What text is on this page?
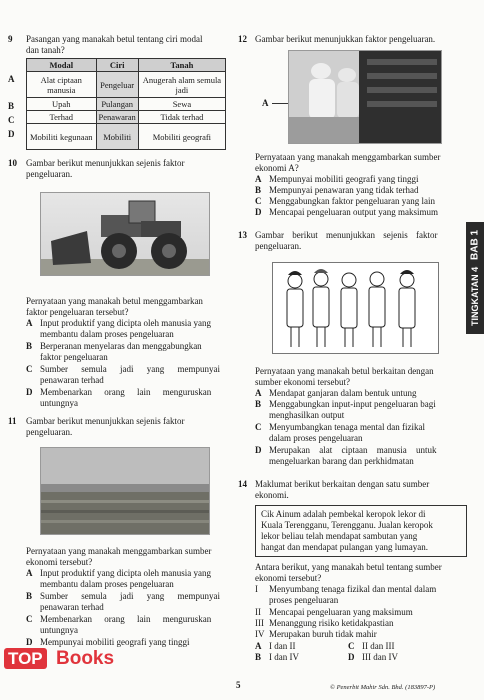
9 Pasangan yang manakah betul tentang ciri modal
dan tanah?
A
B
C
D
Modal	Ciri	Tanah
Alat ciptaan manusia	Pengeluar	Anugerah alam semula jadi
Upah	Pulangan	Sewa
Terhad	Penawaran	Tidak terhad
Mobiliti kegunaan	Mobiliti	Mobiliti geografi
10 Gambar berikut menunjukkan sejenis faktor
pengeluaran.
Pernyataan yang manakah betul menggambarkan
faktor pengeluaran tersebut?
A Input produktif yang dicipta oleh manusia yang
membantu dalam proses pengeluaran
B Berperanan menyelaras dan menggabungkan
faktor pengeluaran
C Sumber semula jadi yang mempunyai
penawaran terhad
D Membenarkan orang lain menguruskan
untungnya
11 Gambar berikut menunjukkan sejenis faktor
pengeluaran.
Pernyataan yang manakah menggambarkan sumber
ekonomi tersebut?
A Input produktif yang dicipta oleh manusia yang
membantu dalam proses pengeluaran
B Sumber semula jadi yang mempunyai
penawaran terhad
C Membenarkan orang lain menguruskan
untungnya
D Mempunyai mobiliti geografi yang tinggi
TOP Books
12 Gambar berikut menunjukkan faktor pengeluaran.
A
Pernyataan yang manakah menggambarkan sumber
ekonomi A?
A Mempunyai mobiliti geografi yang tinggi
B Mempunyai penawaran yang tidak terhad
C Menggabungkan faktor pengeluaran yang lain
D Mencapai pengeluaran output yang maksimum
13 Gambar berikut menunjukkan sejenis faktor
pengeluaran.
Pernyataan yang manakah betul berkaitan dengan
sumber ekonomi tersebut?
A Mendapat ganjaran dalam bentuk untung
B Menggabungkan input-input pengeluaran bagi
menghasilkan output
C Menyumbangkan tenaga mental dan fizikal
dalam proses pengeluaran
D Merupakan alat ciptaan manusia untuk
mengeluarkan barang dan perkhidmatan
14 Maklumat berikut berkaitan dengan satu sumber
ekonomi.
Cik Ainum adalah pembekal keropok lekor di
Kuala Terengganu, Terengganu. Jualan keropok
lekor beliau telah mendapat sambutan yang
hangat dan mendapat pulangan yang lumayan.
Antara berikut, yang manakah betul tentang sumber
ekonomi tersebut?
I	Menyumbang tenaga fizikal dan mental dalam
proses pengeluaran
II Mencapai pengeluaran yang maksimum
III Menanggung risiko ketidakpastian
IV Merupakan buruh tidak mahir
A I dan II	C II dan III
B I dan IV	D III dan IV
TINGKATAN 4
BAB 1
5	© Penerbit Mahir Sdn. Bhd. (183897-P)
